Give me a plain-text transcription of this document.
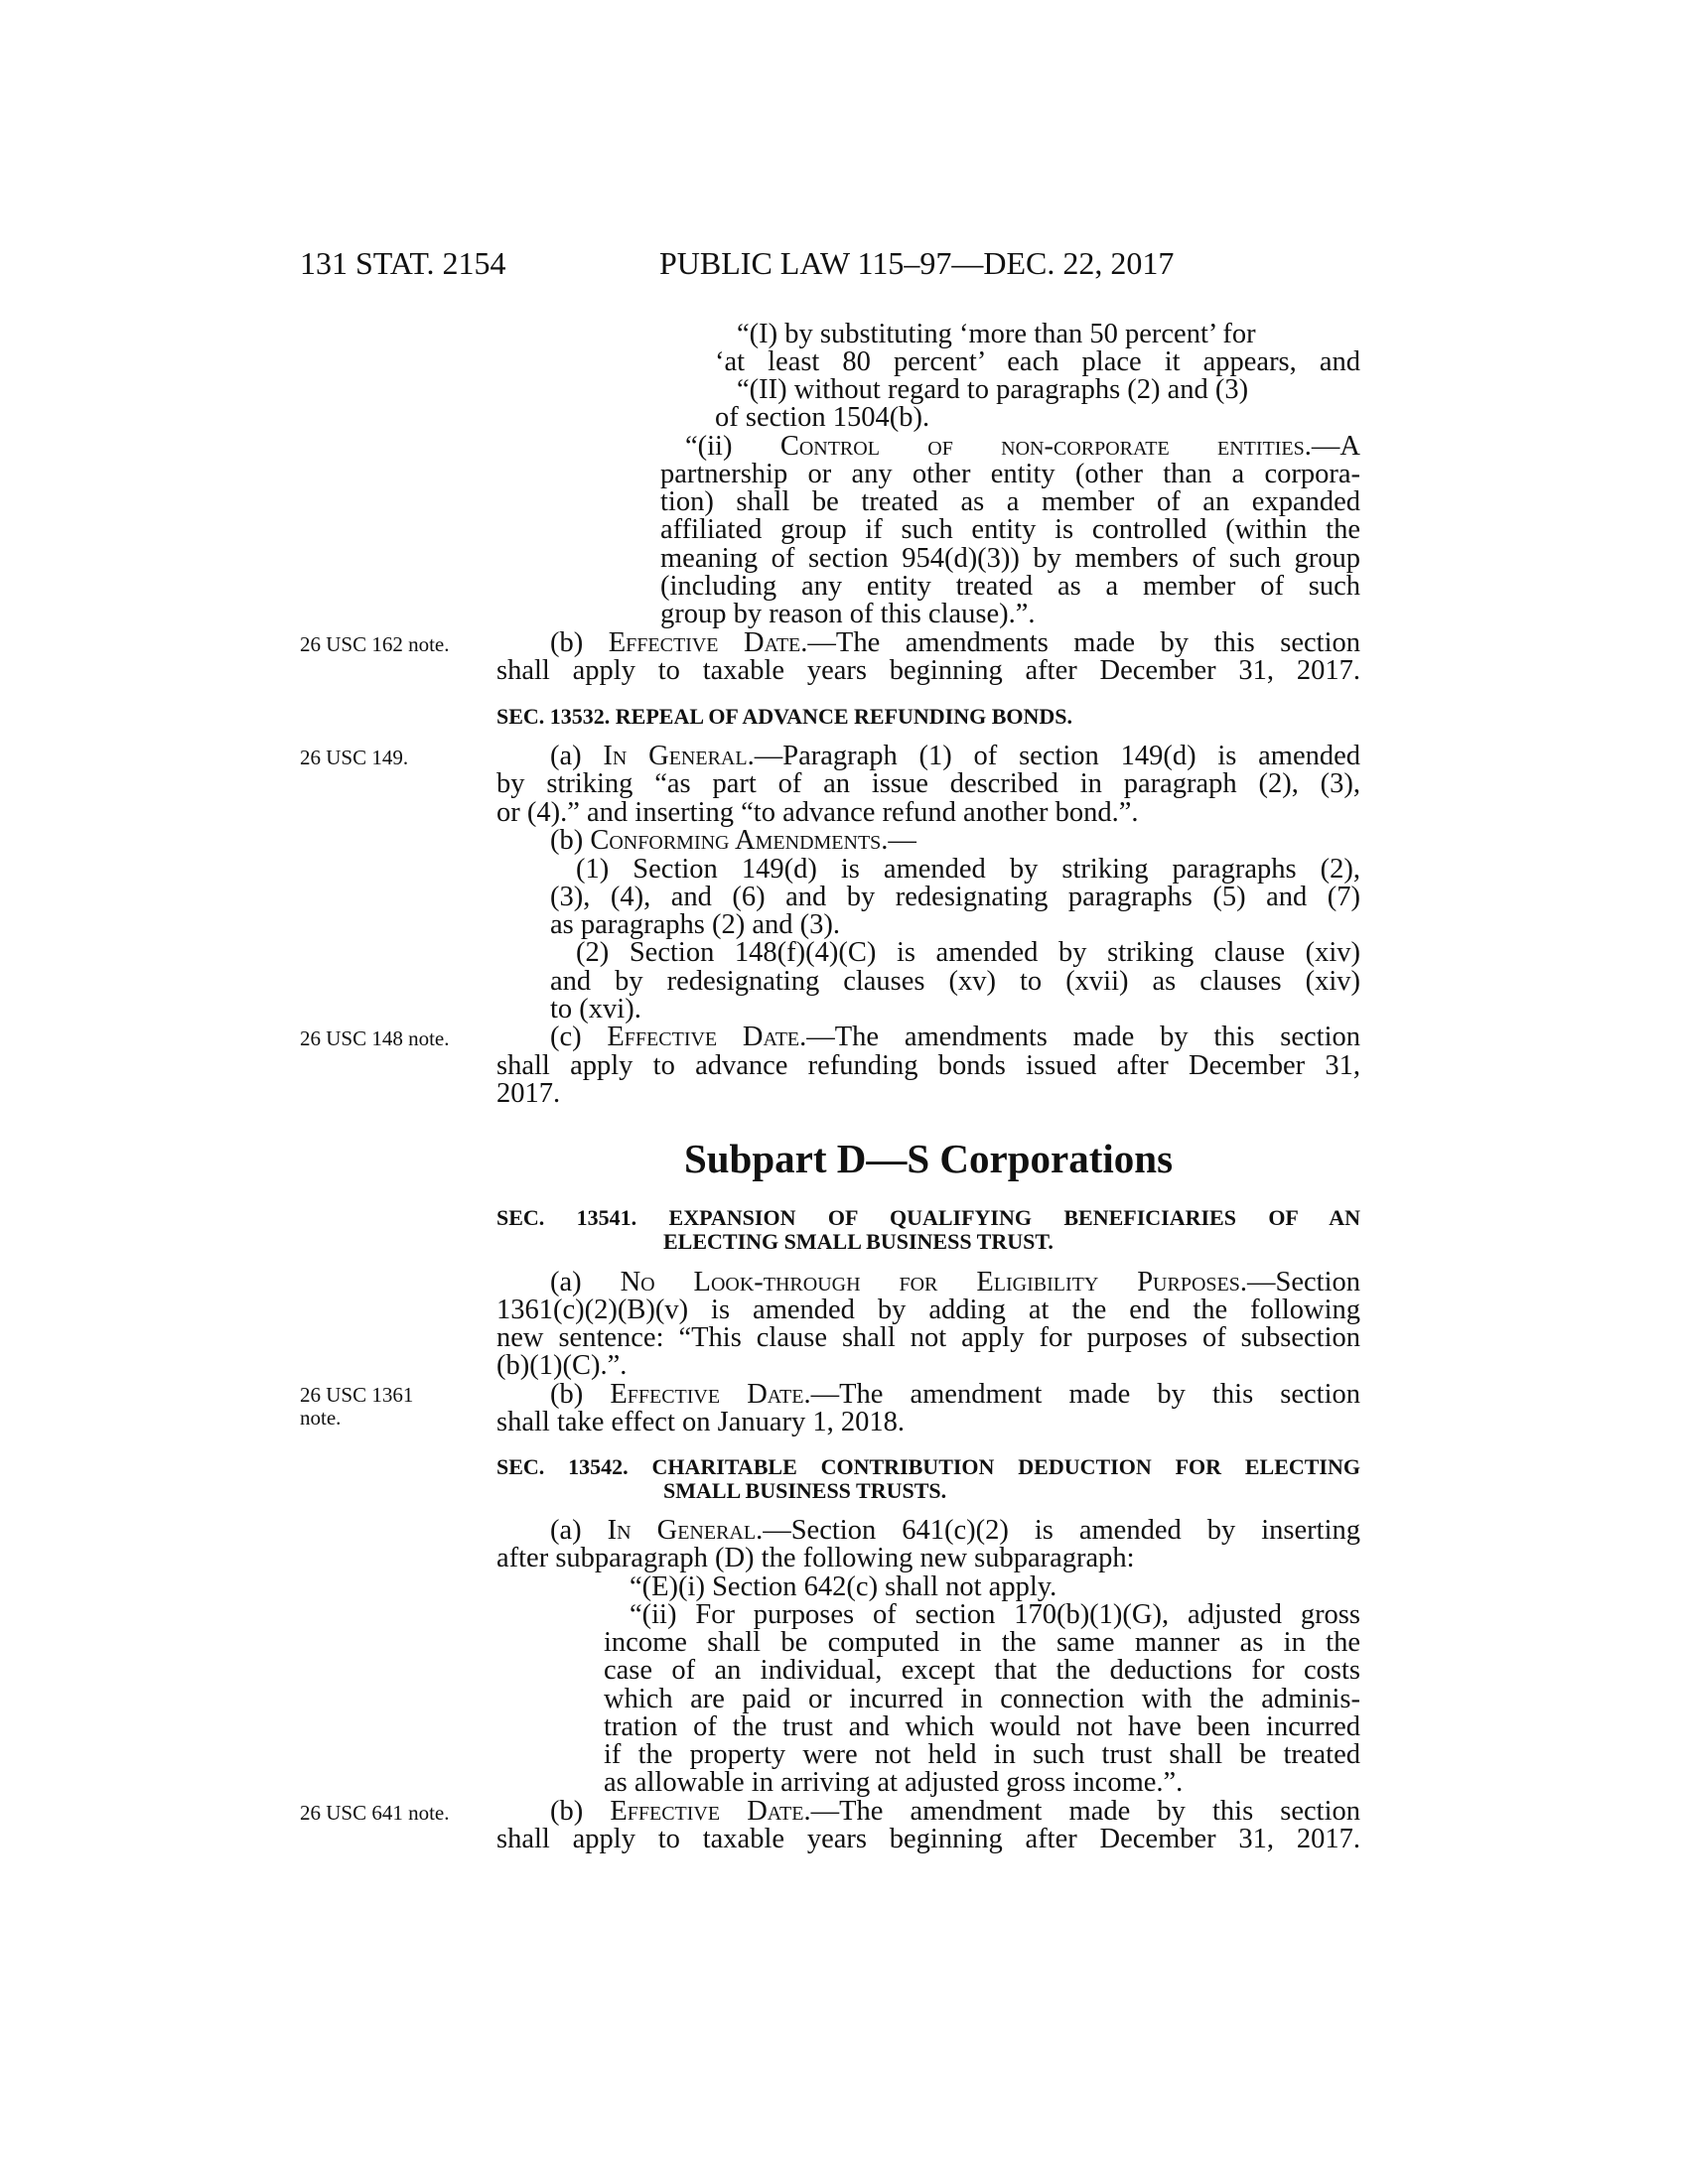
131 STAT. 2154	PUBLIC LAW 115–97—DEC. 22, 2017
“(I) by substituting ‘more than 50 percent’ for
‘at least 80 percent’ each place it appears, and
“(II) without regard to paragraphs (2) and (3)
of section 1504(b).
“(ii) Control of non-corporate entities.—A
partnership or any other entity (other than a corpora-
tion) shall be treated as a member of an expanded
affiliated group if such entity is controlled (within the
meaning of section 954(d)(3)) by members of such group
(including any entity treated as a member of such
group by reason of this clause).”.
26 USC 162 note.	(b) Effective Date.—The amendments made by this section
shall apply to taxable years beginning after December 31, 2017.
SEC. 13532. REPEAL OF ADVANCE REFUNDING BONDS.
26 USC 149.	(a) In General.—Paragraph (1) of section 149(d) is amended
by striking “as part of an issue described in paragraph (2), (3),
or (4).” and inserting “to advance refund another bond.”.
(b) Conforming Amendments.—
(1) Section 149(d) is amended by striking paragraphs (2),
(3), (4), and (6) and by redesignating paragraphs (5) and (7)
as paragraphs (2) and (3).
(2) Section 148(f)(4)(C) is amended by striking clause (xiv)
and by redesignating clauses (xv) to (xvii) as clauses (xiv)
to (xvi).
26 USC 148 note.	(c) Effective Date.—The amendments made by this section
shall apply to advance refunding bonds issued after December 31,
2017.
Subpart D—S Corporations
SEC. 13541. EXPANSION OF QUALIFYING BENEFICIARIES OF AN
ELECTING SMALL BUSINESS TRUST.
(a) No Look-through for Eligibility Purposes.—Section
1361(c)(2)(B)(v) is amended by adding at the end the following
new sentence: “This clause shall not apply for purposes of subsection
(b)(1)(C).”.
26 USC 1361
note.
(b) Effective Date.—The amendment made by this section
shall take effect on January 1, 2018.
SEC. 13542. CHARITABLE CONTRIBUTION DEDUCTION FOR ELECTING
SMALL BUSINESS TRUSTS.
(a) In General.—Section 641(c)(2) is amended by inserting
after subparagraph (D) the following new subparagraph:
“(E)(i) Section 642(c) shall not apply.
“(ii) For purposes of section 170(b)(1)(G), adjusted gross
income shall be computed in the same manner as in the
case of an individual, except that the deductions for costs
which are paid or incurred in connection with the adminis-
tration of the trust and which would not have been incurred
if the property were not held in such trust shall be treated
as allowable in arriving at adjusted gross income.”.
26 USC 641 note.	(b) Effective Date.—The amendment made by this section
shall apply to taxable years beginning after December 31, 2017.
